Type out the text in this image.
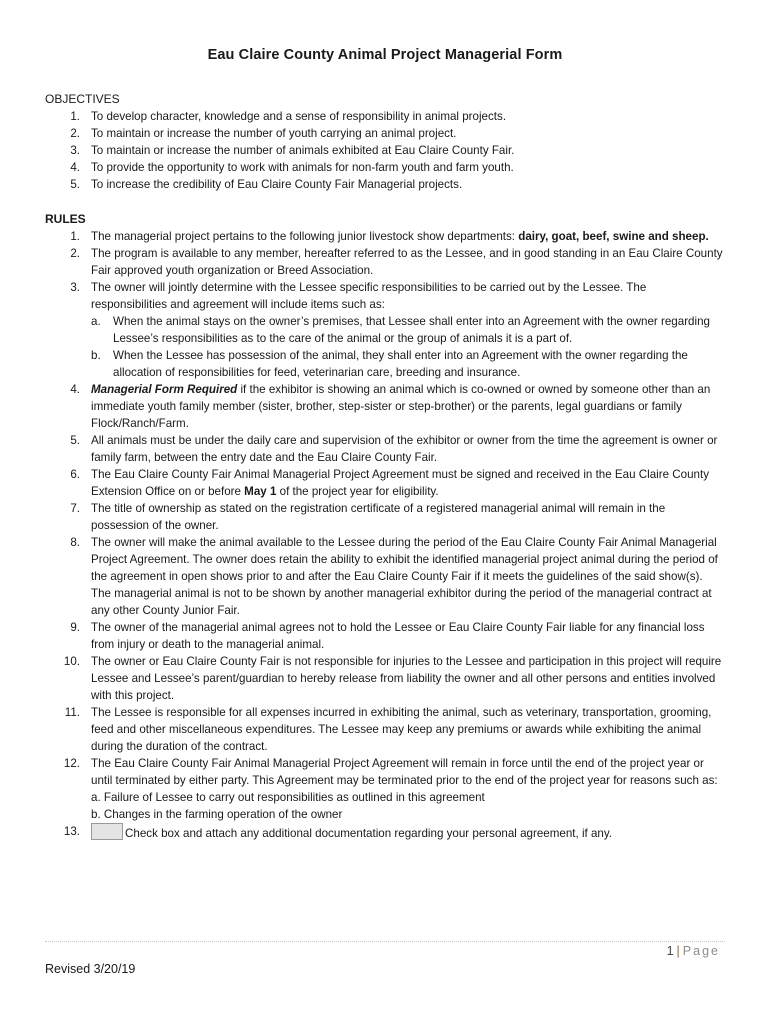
Eau Claire County Animal Project Managerial Form
OBJECTIVES
1. To develop character, knowledge and a sense of responsibility in animal projects.
2. To maintain or increase the number of youth carrying an animal project.
3. To maintain or increase the number of animals exhibited at Eau Claire County Fair.
4. To provide the opportunity to work with animals for non-farm youth and farm youth.
5. To increase the credibility of Eau Claire County Fair Managerial projects.
RULES
1. The managerial project pertains to the following junior livestock show departments: dairy, goat, beef, swine and sheep.
2. The program is available to any member, hereafter referred to as the Lessee, and in good standing in an Eau Claire County Fair approved youth organization or Breed Association.
3. The owner will jointly determine with the Lessee specific responsibilities to be carried out by the Lessee. The responsibilities and agreement will include items such as:
a. When the animal stays on the owner’s premises, that Lessee shall enter into an Agreement with the owner regarding Lessee’s responsibilities as to the care of the animal or the group of animals it is a part of.
b. When the Lessee has possession of the animal, they shall enter into an Agreement with the owner regarding the allocation of responsibilities for feed, veterinarian care, breeding and insurance.
4. Managerial Form Required if the exhibitor is showing an animal which is co-owned or owned by someone other than an immediate youth family member (sister, brother, step-sister or step-brother) or the parents, legal guardians or family Flock/Ranch/Farm.
5. All animals must be under the daily care and supervision of the exhibitor or owner from the time the agreement is owner or family farm, between the entry date and the Eau Claire County Fair.
6. The Eau Claire County Fair Animal Managerial Project Agreement must be signed and received in the Eau Claire County Extension Office on or before May 1 of the project year for eligibility.
7. The title of ownership as stated on the registration certificate of a registered managerial animal will remain in the possession of the owner.
8. The owner will make the animal available to the Lessee during the period of the Eau Claire County Fair Animal Managerial Project Agreement. The owner does retain the ability to exhibit the identified managerial project animal during the period of the agreement in open shows prior to and after the Eau Claire County Fair if it meets the guidelines of the said show(s). The managerial animal is not to be shown by another managerial exhibitor during the period of the managerial contract at any other County Junior Fair.
9. The owner of the managerial animal agrees not to hold the Lessee or Eau Claire County Fair liable for any financial loss from injury or death to the managerial animal.
10. The owner or Eau Claire County Fair is not responsible for injuries to the Lessee and participation in this project will require Lessee and Lessee’s parent/guardian to hereby release from liability the owner and all other persons and entities involved with this project.
11. The Lessee is responsible for all expenses incurred in exhibiting the animal, such as veterinary, transportation, grooming, feed and other miscellaneous expenditures. The Lessee may keep any premiums or awards while exhibiting the animal during the duration of the contract.
12. The Eau Claire County Fair Animal Managerial Project Agreement will remain in force until the end of the project year or until terminated by either party. This Agreement may be terminated prior to the end of the project year for reasons such as:
a. Failure of Lessee to carry out responsibilities as outlined in this agreement
b. Changes in the farming operation of the owner
13.	Check box and attach any additional documentation regarding your personal agreement, if any.
1 | Page
Revised 3/20/19
